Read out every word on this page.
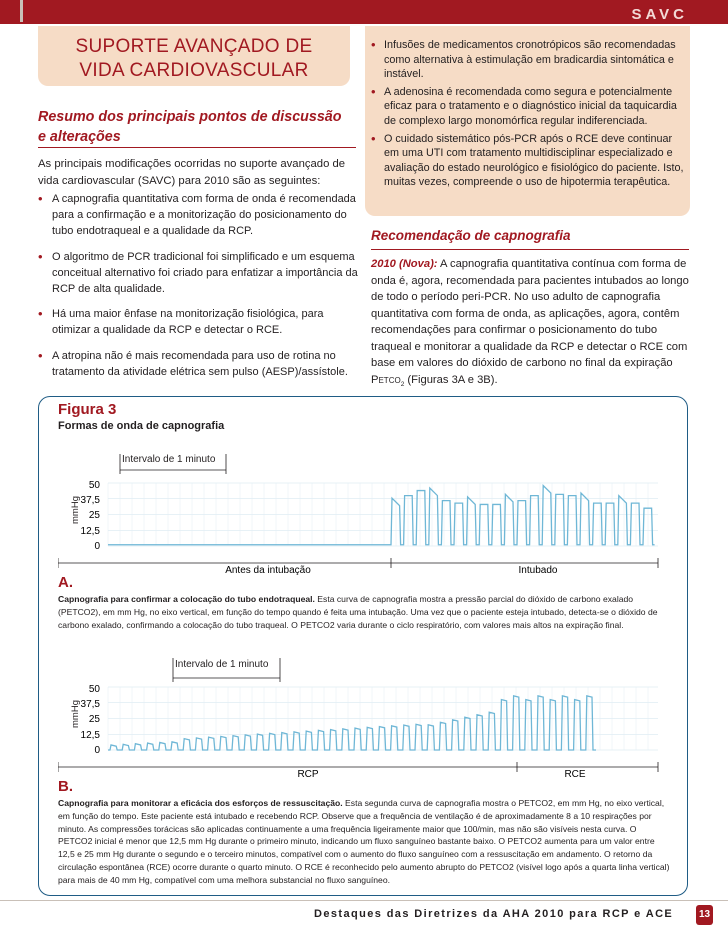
SAVC
SUPORTE AVANÇADO DE
VIDA CARDIOVASCULAR
Resumo dos principais pontos de discussão
e alterações
As principais modificações ocorridas no suporte avançado de vida cardiovascular (SAVC) para 2010 são as seguintes:
• A capnografia quantitativa com forma de onda é recomendada para a confirmação e a monitorização do posicionamento do tubo endotraqueal e a qualidade da RCP.
• O algoritmo de PCR tradicional foi simplificado e um esquema conceitual alternativo foi criado para enfatizar a importância da RCP de alta qualidade.
• Há uma maior ênfase na monitorização fisiológica, para otimizar a qualidade da RCP e detectar o RCE.
• A atropina não é mais recomendada para uso de rotina no tratamento da atividade elétrica sem pulso (AESP)/assístole.
• Infusões de medicamentos cronotrópicos são recomendadas como alternativa à estimulação em bradicardia sintomática e instável.
• A adenosina é recomendada como segura e potencialmente eficaz para o tratamento e o diagnóstico inicial da taquicardia de complexo largo monomórfica regular indiferenciada.
• O cuidado sistemático pós-PCR após o RCE deve continuar em uma UTI com tratamento multidisciplinar especializado e avaliação do estado neurológico e fisiológico do paciente. Isto, muitas vezes, compreende o uso de hipotermia terapêutica.
Recomendação de capnografia
2010 (Nova): A capnografia quantitativa contínua com forma de onda é, agora, recomendada para pacientes intubados ao longo de todo o período peri-PCR. No uso adulto de capnografia quantitativa com forma de onda, as aplicações, agora, contêm recomendações para confirmar o posicionamento do tubo traqueal e monitorar a qualidade da RCP e detectar o RCE com base em valores do dióxido de carbono no final da expiração $PETCO_2$ (Figuras 3A e 3B).
Figura 3
Formas de onda de capnografia
Intervalo de 1 minuto
mmHg
50
37,5
25
12,5
0
Antes da intubação	Intubado
A.
Capnografia para confirmar a colocação do tubo endotraqueal. Esta curva de capnografia mostra a pressão parcial do dióxido de carbono exalado (PETCO2), em mm Hg, no eixo vertical, em função do tempo quando é feita uma intubação. Uma vez que o paciente esteja intubado, detecta-se o dióxido de carbono exalado, confirmando a colocação do tubo traqueal. O PETCO2 varia durante o ciclo respiratório, com valores mais altos na expiração final.
Intervalo de 1 minuto
mmHg
50
37,5
25
12,5
0
RCP	RCE
B.
Capnografia para monitorar a eficácia dos esforços de ressuscitação. Esta segunda curva de capnografia mostra o PETCO2, em mm Hg, no eixo vertical, em função do tempo. Este paciente está intubado e recebendo RCP. Observe que a frequência de ventilação é de aproximadamente 8 a 10 respirações por minuto. As compressões torácicas são aplicadas continuamente a uma frequência ligeiramente maior que 100/min, mas não são visíveis nesta curva. O PETCO2 inicial é menor que 12,5 mm Hg durante o primeiro minuto, indicando um fluxo sanguíneo bastante baixo. O PETCO2 aumenta para um valor entre 12,5 e 25 mm Hg durante o segundo e o terceiro minutos, compatível com o aumento do fluxo sanguíneo com a ressuscitação em andamento. O retorno da circulação espontânea (RCE) ocorre durante o quarto minuto. O RCE é reconhecido pelo aumento abrupto do PETCO2 (visível logo após a quarta linha vertical) para mais de 40 mm Hg, compatível com uma melhora substancial no fluxo sanguíneo.
Destaques das Diretrizes da AHA 2010 para RCP e ACE	13
